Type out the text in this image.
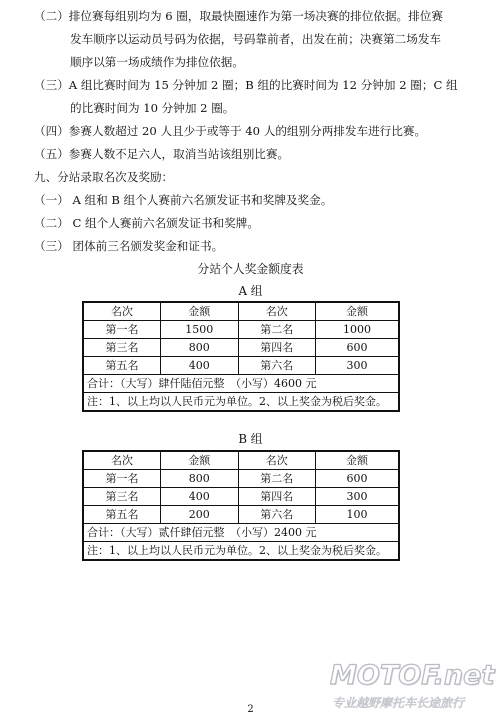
（二）排位赛每组别均为 6 圈，取最快圈速作为第一场决赛的排位依据。排位赛
发车顺序以运动员号码为依据，号码靠前者，出发在前；决赛第二场发车
顺序以第一场成绩作为排位依据。
（三）A 组比赛时间为 15 分钟加 2 圈；B 组的比赛时间为 12 分钟加 2 圈；C 组
的比赛时间为 10 分钟加 2 圈。
（四）参赛人数超过 20 人且少于或等于 40 人的组别分两排发车进行比赛。
（五）参赛人数不足六人，取消当站该组别比赛。
九、分站录取名次及奖励：
（一） A 组和 B 组个人赛前六名颁发证书和奖牌及奖金。
（二） C 组个人赛前六名颁发证书和奖牌。
（三） 团体前三名颁发奖金和证书。
分站个人奖金额度表
A 组
名次	金额	名次	金额
第一名	1500	第二名	1000
第三名	800	第四名	600
第五名	400	第六名	300
合计：（大写）肆仟陆佰元整　（小写）4600 元			
注：1、以上均以人民币元为单位。2、以上奖金为税后奖金。			
B 组
名次	金额	名次	金额
第一名	800	第二名	600
第三名	400	第四名	300
第五名	200	第六名	100
合计：（大写）贰仟肆佰元整　（小写）2400 元			
注：1、以上均以人民币元为单位。2、以上奖金为税后奖金。			
MOTOF.net
专业越野摩托车长途旅行
2
